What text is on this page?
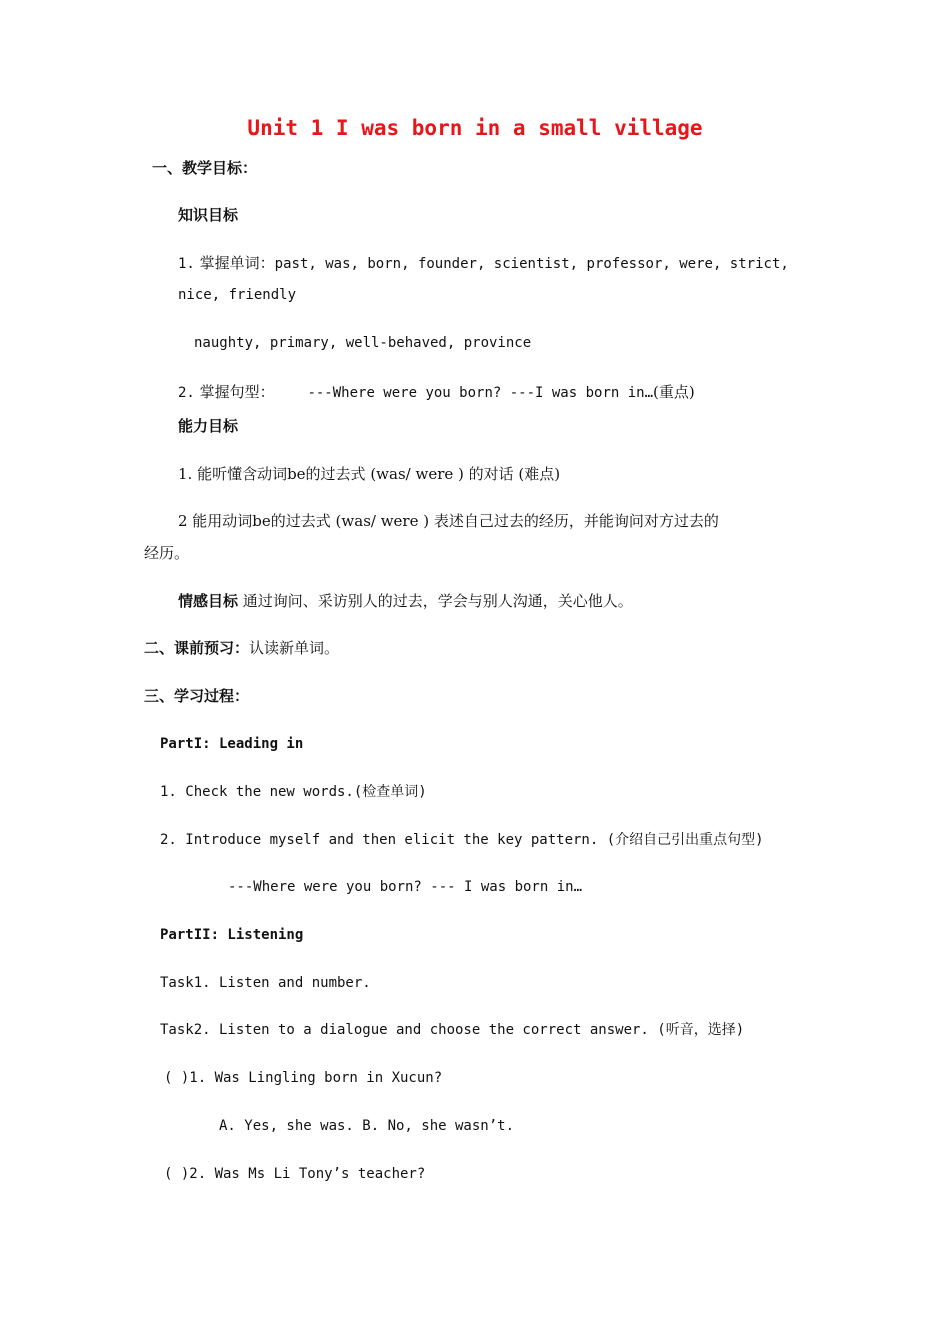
Unit 1 I was born in a small village
一、教学目标：
知识目标
1. 掌握单词：past, was, born, founder, scientist, professor, were, strict,
nice, friendly
naughty, primary, well-behaved, province
2. 掌握句型： ---Where were you born? ---I was born in…(重点)
能力目标
1. 能听懂含动词be的过去式 (was/ were ) 的对话 (难点)
2 能用动词be的过去式 (was/ were ) 表述自己过去的经历，并能询问对方过去的
经历。
情感目标 通过询问、采访别人的过去，学会与别人沟通，关心他人。
二、课前预习：认读新单词。
三、学习过程：
PartI: Leading in
1. Check the new words.(检查单词)
2. Introduce myself and then elicit the key pattern. (介绍自己引出重点句型)
---Where were you born? --- I was born in…
PartII: Listening
Task1. Listen and number.
Task2. Listen to a dialogue and choose the correct answer. (听音，选择)
( )1. Was Lingling born in Xucun?
A. Yes, she was. B. No, she wasn’t.
( )2. Was Ms Li Tony’s teacher?
